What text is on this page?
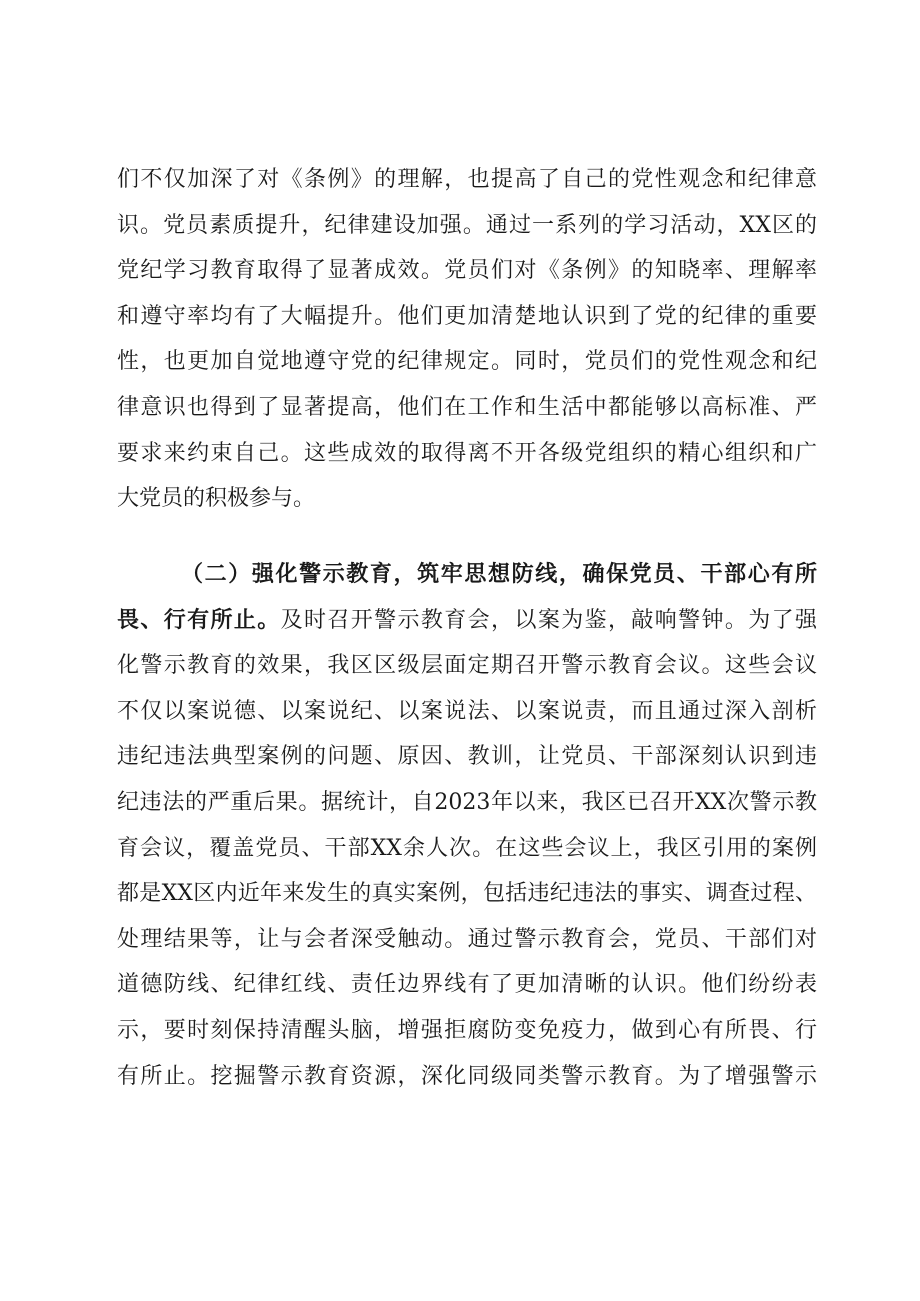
们不仅加深了对《条例》的理解，也提高了自己的党性观念和纪律意
识。党员素质提升，纪律建设加强。通过一系列的学习活动，XX区的
党纪学习教育取得了显著成效。党员们对《条例》的知晓率、理解率
和遵守率均有了大幅提升。他们更加清楚地认识到了党的纪律的重要
性，也更加自觉地遵守党的纪律规定。同时，党员们的党性观念和纪
律意识也得到了显著提高，他们在工作和生活中都能够以高标准、严
要求来约束自己。这些成效的取得离不开各级党组织的精心组织和广
大党员的积极参与。
（二）强化警示教育，筑牢思想防线，确保党员、干部心有所
畏、行有所止。及时召开警示教育会，以案为鉴，敲响警钟。为了强
化警示教育的效果，我区区级层面定期召开警示教育会议。这些会议
不仅以案说德、以案说纪、以案说法、以案说责，而且通过深入剖析
违纪违法典型案例的问题、原因、教训，让党员、干部深刻认识到违
纪违法的严重后果。据统计，自2023年以来，我区已召开XX次警示教
育会议，覆盖党员、干部XX余人次。在这些会议上，我区引用的案例
都是XX区内近年来发生的真实案例，包括违纪违法的事实、调查过程、
处理结果等，让与会者深受触动。通过警示教育会，党员、干部们对
道德防线、纪律红线、责任边界线有了更加清晰的认识。他们纷纷表
示，要时刻保持清醒头脑，增强拒腐防变免疫力，做到心有所畏、行
有所止。挖掘警示教育资源，深化同级同类警示教育。为了增强警示
